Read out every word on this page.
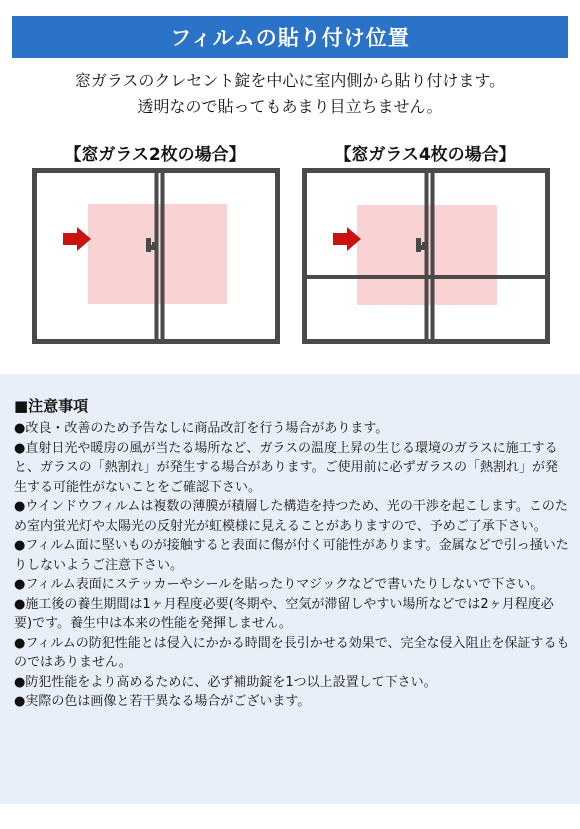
フィルムの貼り付け位置
窓ガラスのクレセント錠を中心に室内側から貼り付けます。
透明なので貼ってもあまり目立ちません。
【窓ガラス2枚の場合】	【窓ガラス4枚の場合】
■注意事項
●改良・改善のため予告なしに商品改訂を行う場合があります。
●直射日光や暖房の風が当たる場所など、ガラスの温度上昇の生じる環境のガラスに施工すると、ガラスの「熱割れ」が発生する場合があります。ご使用前に必ずガラスの「熱割れ」が発生する可能性がないことをご確認下さい。
●ウインドウフィルムは複数の薄膜が積層した構造を持つため、光の干渉を起こします。このため室内蛍光灯や太陽光の反射光が虹模様に見えることがありますので、予めご了承下さい。
●フィルム面に堅いものが接触すると表面に傷が付く可能性があります。金属などで引っ掻いたりしないようご注意下さい。
●フィルム表面にステッカーやシールを貼ったりマジックなどで書いたりしないで下さい。
●施工後の養生期間は1ヶ月程度必要(冬期や、空気が滞留しやすい場所などでは2ヶ月程度必要)です。養生中は本来の性能を発揮しません。
●フィルムの防犯性能とは侵入にかかる時間を長引かせる効果で、完全な侵入阻止を保証するものではありません。
●防犯性能をより高めるために、必ず補助錠を1つ以上設置して下さい。
●実際の色は画像と若干異なる場合がございます。
